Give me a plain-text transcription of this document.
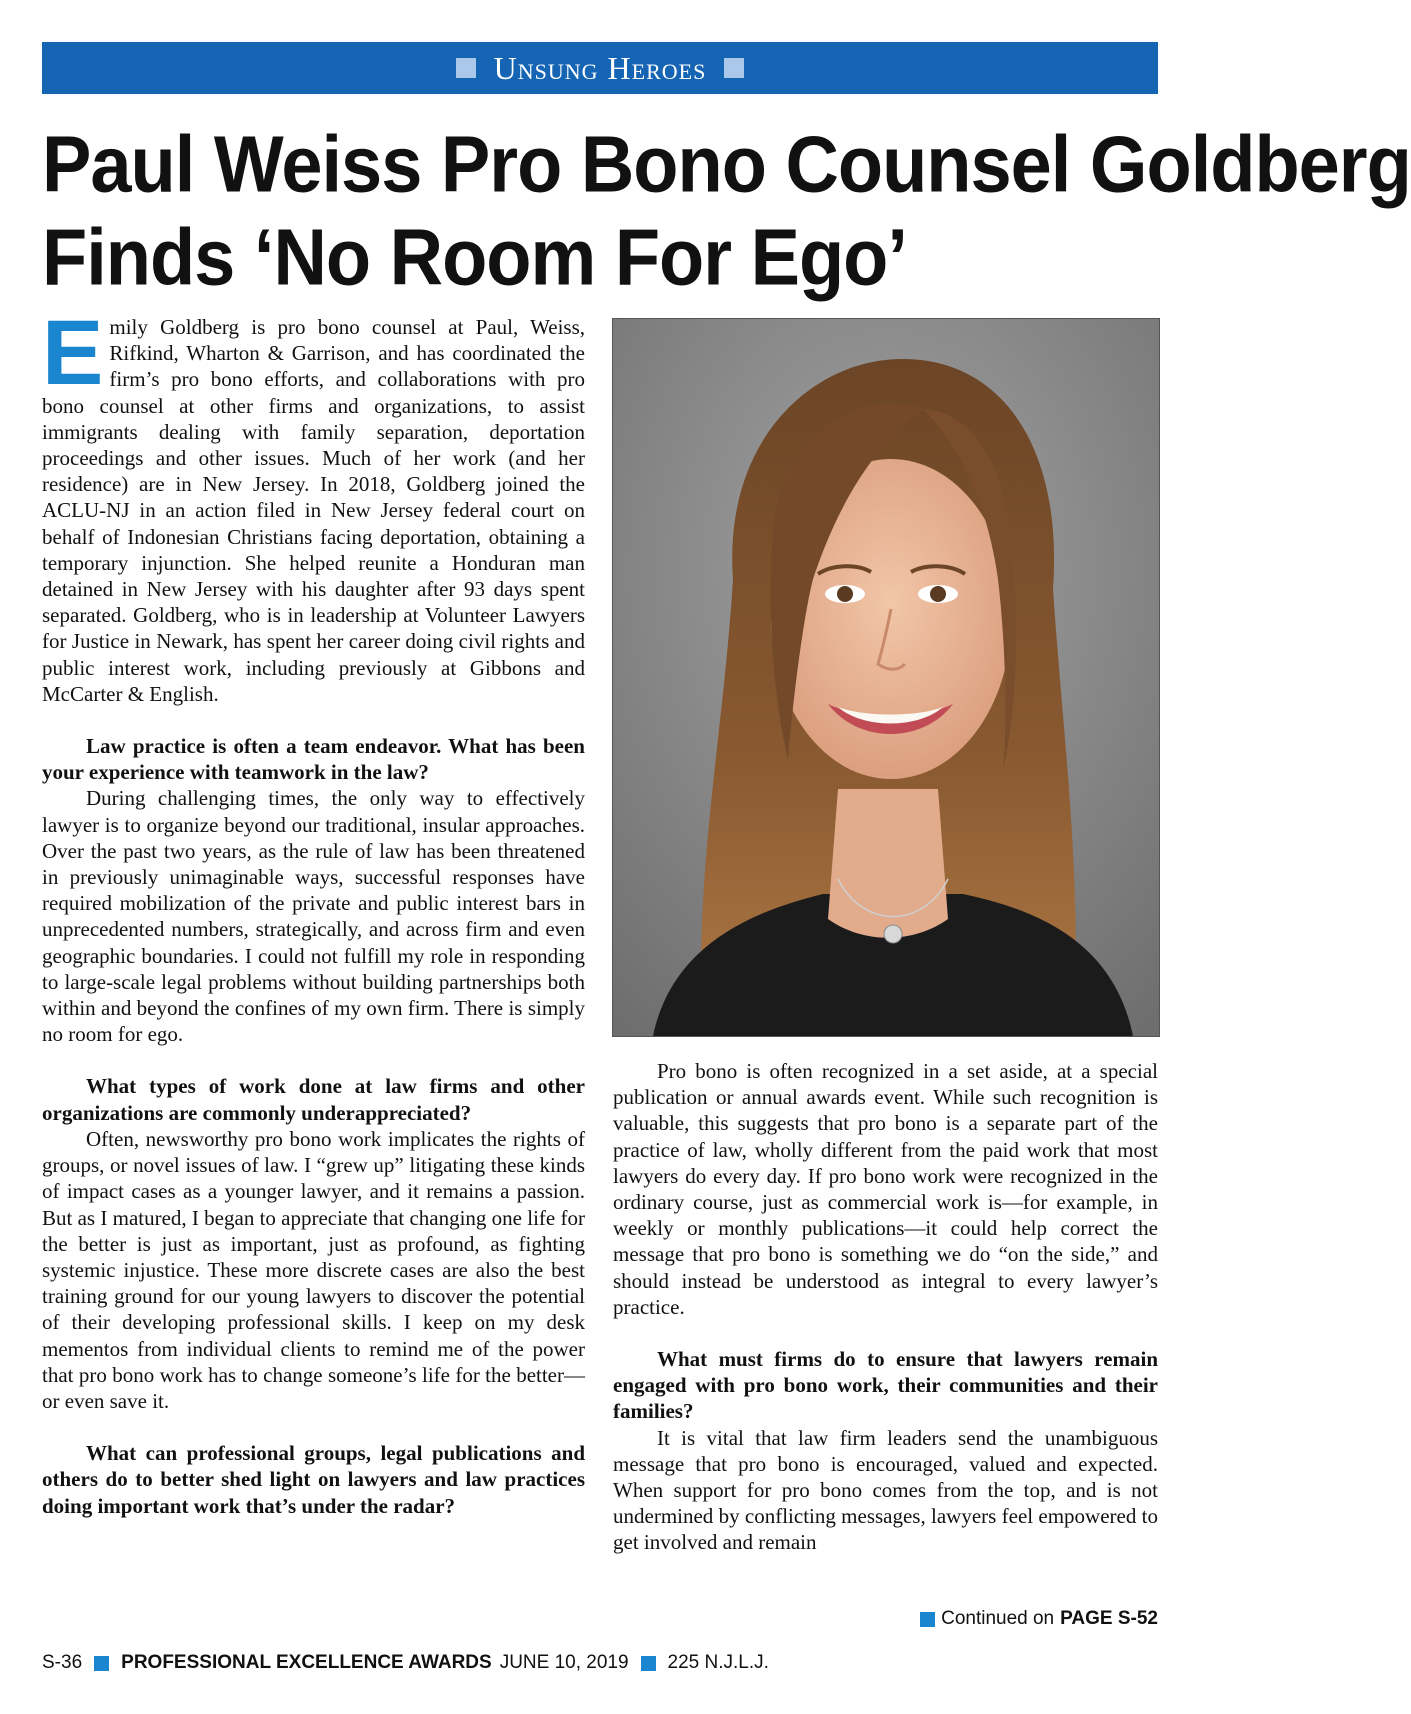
Unsung Heroes
Paul Weiss Pro Bono Counsel Goldberg
Finds ‘No Room For Ego’

Emily Goldberg is pro bono counsel at Paul, Weiss, Rifkind, Wharton & Garrison, and has coordinated the firm’s pro bono efforts, and collaborations with pro bono counsel at other firms and organizations, to assist immigrants dealing with family separation, deportation proceedings and other issues. Much of her work (and her residence) are in New Jersey. In 2018, Goldberg joined the ACLU-NJ in an action filed in New Jersey federal court on behalf of Indonesian Christians facing deportation, obtaining a temporary injunction. She helped reunite a Honduran man detained in New Jersey with his daughter after 93 days spent separated. Goldberg, who is in leadership at Volunteer Lawyers for Justice in Newark, has spent her career doing civil rights and public interest work, including previously at Gibbons and McCarter & English.

Law practice is often a team endeavor. What has been your experience with teamwork in the law?

During challenging times, the only way to effectively lawyer is to organize beyond our traditional, insular approaches. Over the past two years, as the rule of law has been threatened in previously unimaginable ways, successful responses have required mobilization of the private and public interest bars in unprecedented numbers, strategically, and across firm and even geographic boundaries. I could not fulfill my role in responding to large-scale legal problems without building partnerships both within and beyond the confines of my own firm. There is simply no room for ego.

What types of work done at law firms and other organizations are commonly underappreciated?

Often, newsworthy pro bono work implicates the rights of groups, or novel issues of law. I “grew up” litigating these kinds of impact cases as a younger lawyer, and it remains a passion. But as I matured, I began to appreciate that changing one life for the better is just as important, just as profound, as fighting systemic injustice. These more discrete cases are also the best training ground for our young lawyers to discover the potential of their developing professional skills. I keep on my desk mementos from individual clients to remind me of the power that pro bono work has to change someone’s life for the better—or even save it.

What can professional groups, legal publications and others do to better shed light on lawyers and law practices doing important work that’s under the radar?

Pro bono is often recognized in a set aside, at a special publication or annual awards event. While such recognition is valuable, this suggests that pro bono is a separate part of the practice of law, wholly different from the paid work that most lawyers do every day. If pro bono work were recognized in the ordinary course, just as commercial work is—for example, in weekly or monthly publications—it could help correct the message that pro bono is something we do “on the side,” and should instead be understood as integral to every lawyer’s practice.

What must firms do to ensure that lawyers remain engaged with pro bono work, their communities and their families?

It is vital that law firm leaders send the unambiguous message that pro bono is encouraged, valued and expected. When support for pro bono comes from the top, and is not undermined by conflicting messages, lawyers feel empowered to get involved and remain

Continued on PAGE S-52
S-36 PROFESSIONAL EXCELLENCE AWARDS JUNE 10, 2019 225 N.J.L.J.
